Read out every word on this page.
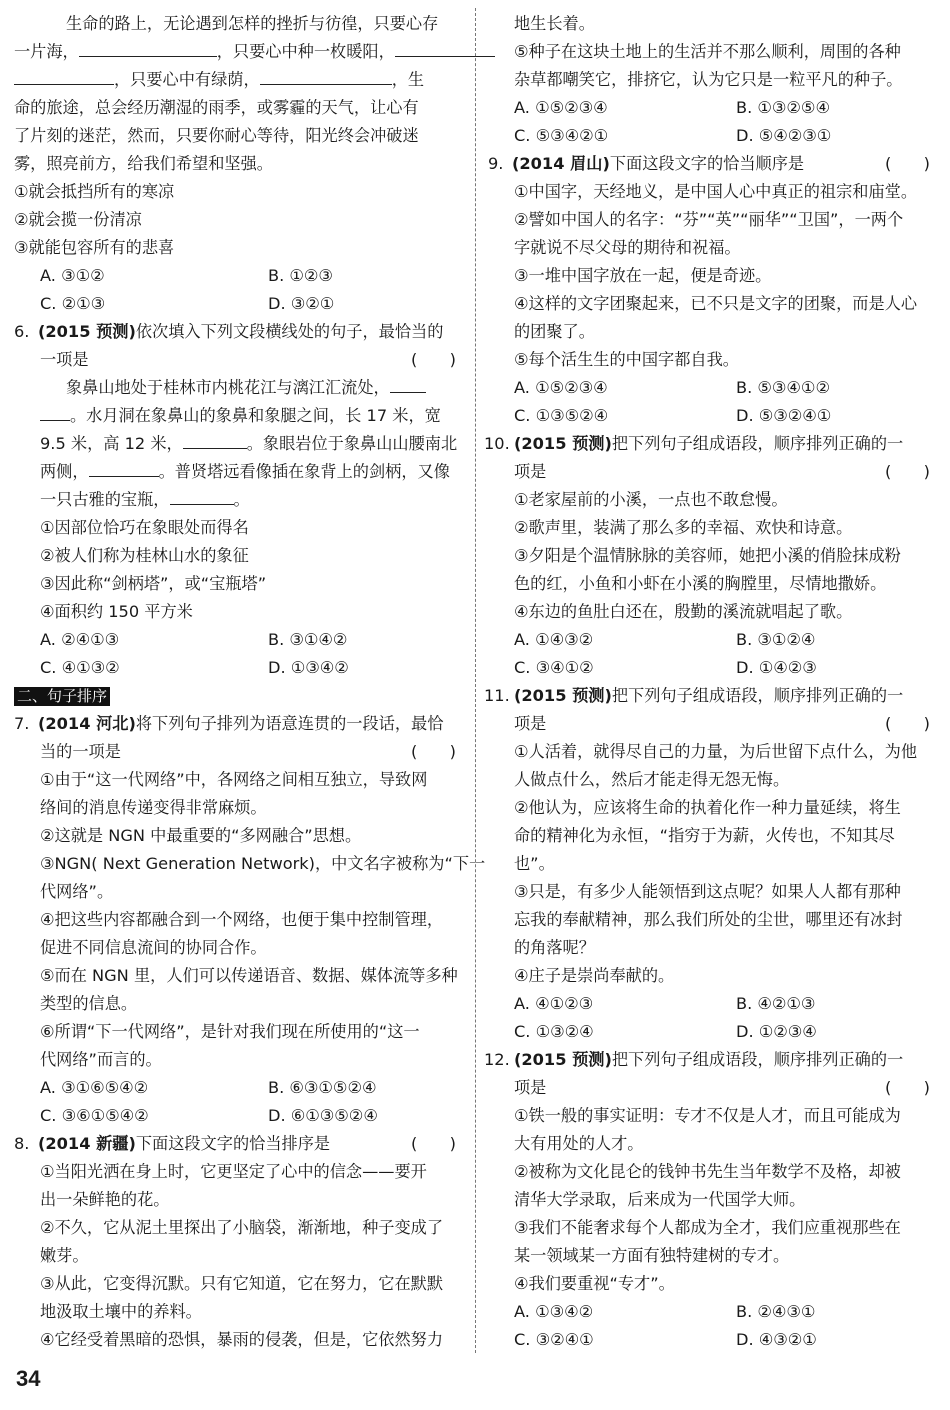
生命的路上，无论遇到怎样的挫折与彷徨，只要心存
一片海，	，只要心中种一枚暖阳，
，只要心中有绿荫，	，生
命的旅途，总会经历潮湿的雨季，或雾霾的天气，让心有
了片刻的迷茫，然而，只要你耐心等待，阳光终会冲破迷
雾，照亮前方，给我们希望和坚强。
①就会抵挡所有的寒凉
②就会揽一份清凉
③就能包容所有的悲喜
A. ③①②	B. ①②③
C. ②①③	D. ③②①
6. (2015 预测)依次填入下列文段横线处的句子，最恰当的
一项是	(　　)
象鼻山地处于桂林市内桃花江与漓江汇流处，
。水月洞在象鼻山的象鼻和象腿之间，长 17 米，宽
9.5 米，高 12 米，	。象眼岩位于象鼻山山腰南北
两侧，	。普贤塔远看像插在象背上的剑柄，又像
一只古雅的宝瓶，	。
①因部位恰巧在象眼处而得名
②被人们称为桂林山水的象征
③因此称“剑柄塔”，或“宝瓶塔”
④面积约 150 平方米
A. ②④①③	B. ③①④②
C. ④①③②	D. ①③④②
二、句子排序
7. (2014 河北)将下列句子排列为语意连贯的一段话，最恰
当的一项是	(　　)
①由于“这一代网络”中，各网络之间相互独立，导致网
络间的消息传递变得非常麻烦。
②这就是 NGN 中最重要的“多网融合”思想。
③NGN( Next Generation Network)，中文名字被称为“下一
代网络”。
④把这些内容都融合到一个网络，也便于集中控制管理，
促进不同信息流间的协同合作。
⑤而在 NGN 里，人们可以传递语音、数据、媒体流等多种
类型的信息。
⑥所谓“下一代网络”，是针对我们现在所使用的“这一
代网络”而言的。
A. ③①⑥⑤④②	B. ⑥③①⑤②④
C. ③⑥①⑤④②	D. ⑥①③⑤②④
8. (2014 新疆)下面这段文字的恰当排序是	(　　)
①当阳光洒在身上时，它更坚定了心中的信念——要开
出一朵鲜艳的花。
②不久，它从泥土里探出了小脑袋，渐渐地，种子变成了
嫩芽。
③从此，它变得沉默。只有它知道，它在努力，它在默默
地汲取土壤中的养料。
④它经受着黑暗的恐惧，暴雨的侵袭，但是，它依然努力
地生长着。
⑤种子在这块土地上的生活并不那么顺利，周围的各种
杂草都嘲笑它，排挤它，认为它只是一粒平凡的种子。
A. ①⑤②③④	B. ①③②⑤④
C. ⑤③④②①	D. ⑤④②③①
9. (2014 眉山)下面这段文字的恰当顺序是	(　　)
①中国字，天经地义，是中国人心中真正的祖宗和庙堂。
②譬如中国人的名字：“芬”“英”“丽华”“卫国”，一两个
字就说不尽父母的期待和祝福。
③一堆中国字放在一起，便是奇迹。
④这样的文字团聚起来，已不只是文字的团聚，而是人心
的团聚了。
⑤每个活生生的中国字都自我。
A. ①⑤②③④	B. ⑤③④①②
C. ①③⑤②④	D. ⑤③②④①
10. (2015 预测)把下列句子组成语段，顺序排列正确的一
项是	(　　)
①老家屋前的小溪，一点也不敢怠慢。
②歌声里，装满了那么多的幸福、欢快和诗意。
③夕阳是个温情脉脉的美容师，她把小溪的俏脸抹成粉
色的红，小鱼和小虾在小溪的胸膛里，尽情地撒娇。
④东边的鱼肚白还在，殷勤的溪流就唱起了歌。
A. ①④③②	B. ③①②④
C. ③④①②	D. ①④②③
11. (2015 预测)把下列句子组成语段，顺序排列正确的一
项是	(　　)
①人活着，就得尽自己的力量，为后世留下点什么，为他
人做点什么，然后才能走得无怨无悔。
②他认为，应该将生命的执着化作一种力量延续，将生
命的精神化为永恒，“指穷于为薪，火传也，不知其尽
也”。
③只是，有多少人能领悟到这点呢？如果人人都有那种
忘我的奉献精神，那么我们所处的尘世，哪里还有冰封
的角落呢？
④庄子是崇尚奉献的。
A. ④①②③	B. ④②①③
C. ①③②④	D. ①②③④
12. (2015 预测)把下列句子组成语段，顺序排列正确的一
项是	(　　)
①铁一般的事实证明：专才不仅是人才，而且可能成为
大有用处的人才。
②被称为文化昆仑的钱钟书先生当年数学不及格，却被
清华大学录取，后来成为一代国学大师。
③我们不能奢求每个人都成为全才，我们应重视那些在
某一领域某一方面有独特建树的专才。
④我们要重视“专才”。
A. ①③④②	B. ②④③①
C. ③②④①	D. ④③②①
34
